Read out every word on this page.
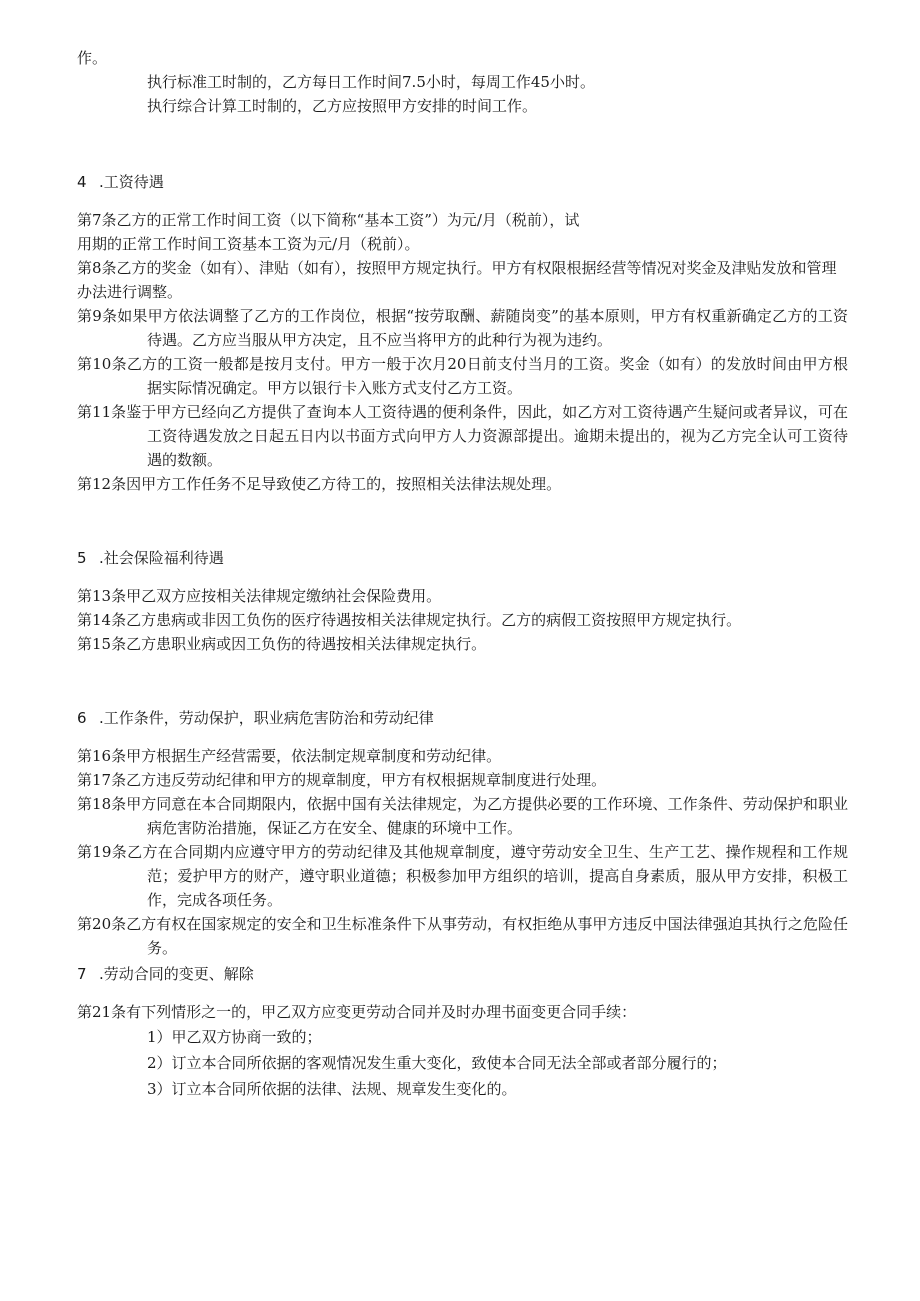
作。
执行标准工时制的，乙方每日工作时间7.5小时，每周工作45小时。
执行综合计算工时制的，乙方应按照甲方安排的时间工作。
4 .工资待遇
第7条乙方的正常工作时间工资（以下简称“基本工资”）为元/月（税前），试
用期的正常工作时间工资基本工资为元/月（税前）。
第8条乙方的奖金（如有）、津贴（如有），按照甲方规定执行。甲方有权限根据经营等情况对奖金及津贴发放和管理办法进行调整。
第9条如果甲方依法调整了乙方的工作岗位，根据“按劳取酬、薪随岗变”的基本原则，甲方有权重新确定乙方的工资待遇。乙方应当服从甲方决定，且不应当将甲方的此种行为视为违约。
第10条乙方的工资一般都是按月支付。甲方一般于次月20日前支付当月的工资。奖金（如有）的发放时间由甲方根据实际情况确定。甲方以银行卡入账方式支付乙方工资。
第11条鉴于甲方已经向乙方提供了查询本人工资待遇的便利条件，因此，如乙方对工资待遇产生疑问或者异议，可在工资待遇发放之日起五日内以书面方式向甲方人力资源部提出。逾期未提出的，视为乙方完全认可工资待遇的数额。
第12条因甲方工作任务不足导致使乙方待工的，按照相关法律法规处理。
5 .社会保险福利待遇
第13条甲乙双方应按相关法律规定缴纳社会保险费用。
第14条乙方患病或非因工负伤的医疗待遇按相关法律规定执行。乙方的病假工资按照甲方规定执行。
第15条乙方患职业病或因工负伤的待遇按相关法律规定执行。
6 .工作条件，劳动保护，职业病危害防治和劳动纪律
第16条甲方根据生产经营需要，依法制定规章制度和劳动纪律。
第17条乙方违反劳动纪律和甲方的规章制度，甲方有权根据规章制度进行处理。
第18条甲方同意在本合同期限内，依据中国有关法律规定，为乙方提供必要的工作环境、工作条件、劳动保护和职业病危害防治措施，保证乙方在安全、健康的环境中工作。
第19条乙方在合同期内应遵守甲方的劳动纪律及其他规章制度，遵守劳动安全卫生、生产工艺、操作规程和工作规范；爱护甲方的财产，遵守职业道德；积极参加甲方组织的培训，提高自身素质，服从甲方安排，积极工作，完成各项任务。
第20条乙方有权在国家规定的安全和卫生标准条件下从事劳动，有权拒绝从事甲方违反中国法律强迫其执行之危险任务。
7 .劳动合同的变更、解除
第21条有下列情形之一的，甲乙双方应变更劳动合同并及时办理书面变更合同手续：
1）甲乙双方协商一致的；
2）订立本合同所依据的客观情况发生重大变化，致使本合同无法全部或者部分履行的；
3）订立本合同所依据的法律、法规、规章发生变化的。
